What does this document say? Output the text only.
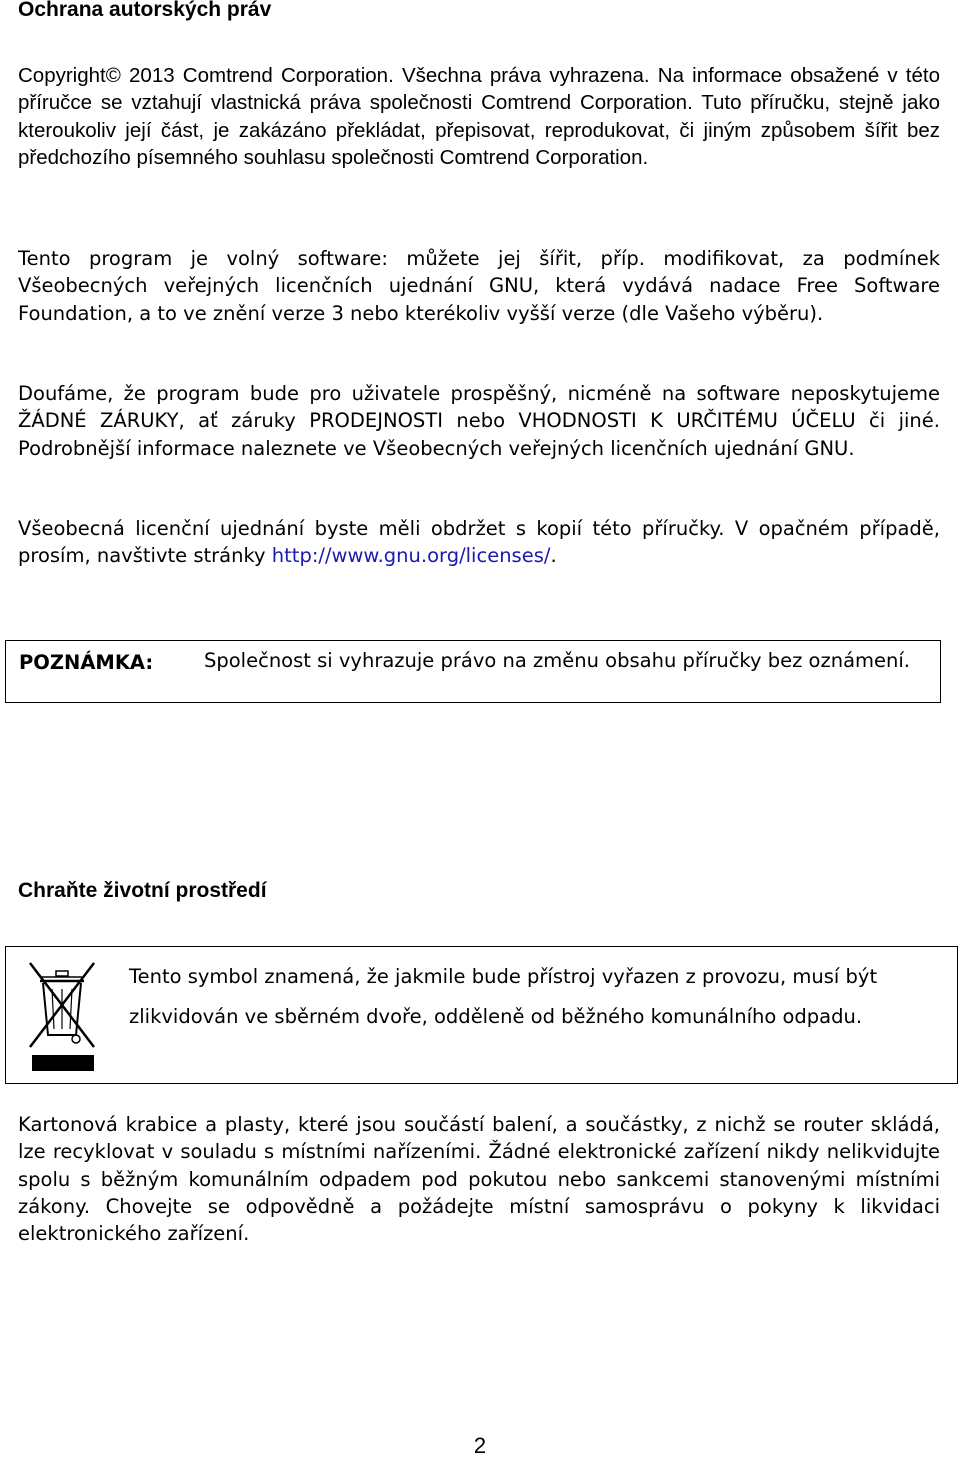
Ochrana autorských práv

Copyright© 2013 Comtrend Corporation. Všechna práva vyhrazena. Na informace obsažené v této příručce se vztahují vlastnická práva společnosti Comtrend Corporation. Tuto příručku, stejně jako kteroukoliv její část, je zakázáno překládat, přepisovat, reprodukovat, či jiným způsobem šířit bez předchozího písemného souhlasu společnosti Comtrend Corporation.

Tento program je volný software: můžete jej šířit, příp. modifikovat, za podmínek Všeobecných veřejných licenčních ujednání GNU, která vydává nadace Free Software Foundation, a to ve znění verze 3 nebo kterékoliv vyšší verze (dle Vašeho výběru).

Doufáme, že program bude pro uživatele prospěšný, nicméně na software neposkytujeme ŽÁDNÉ ZÁRUKY, ať záruky PRODEJNOSTI nebo VHODNOSTI K URČITÉMU ÚČELU či jiné. Podrobnější informace naleznete ve Všeobecných veřejných licenčních ujednání GNU.

Všeobecná licenční ujednání byste měli obdržet s kopií této příručky. V opačném případě, prosím, navštivte stránky http://www.gnu.org/licenses/.

Chraňte životní prostředí

Kartonová krabice a plasty, které jsou součástí balení, a součástky, z nichž se router skládá, lze recyklovat v souladu s místními nařízeními. Žádné elektronické zařízení nikdy nelikvidujte spolu s běžným komunálním odpadem pod pokutou nebo sankcemi stanovenými místními zákony. Chovejte se odpovědně a požádejte místní samosprávu o pokyny k likvidaci elektronického zařízení.

POZNÁMKA:	Společnost si vyhrazuje právo na změnu obsahu příručky bez oznámení.
Tento symbol znamená, že jakmile bude přístroj vyřazen z provozu, musí být zlikvidován ve sběrném dvoře, odděleně od běžného komunálního odpadu.
2
